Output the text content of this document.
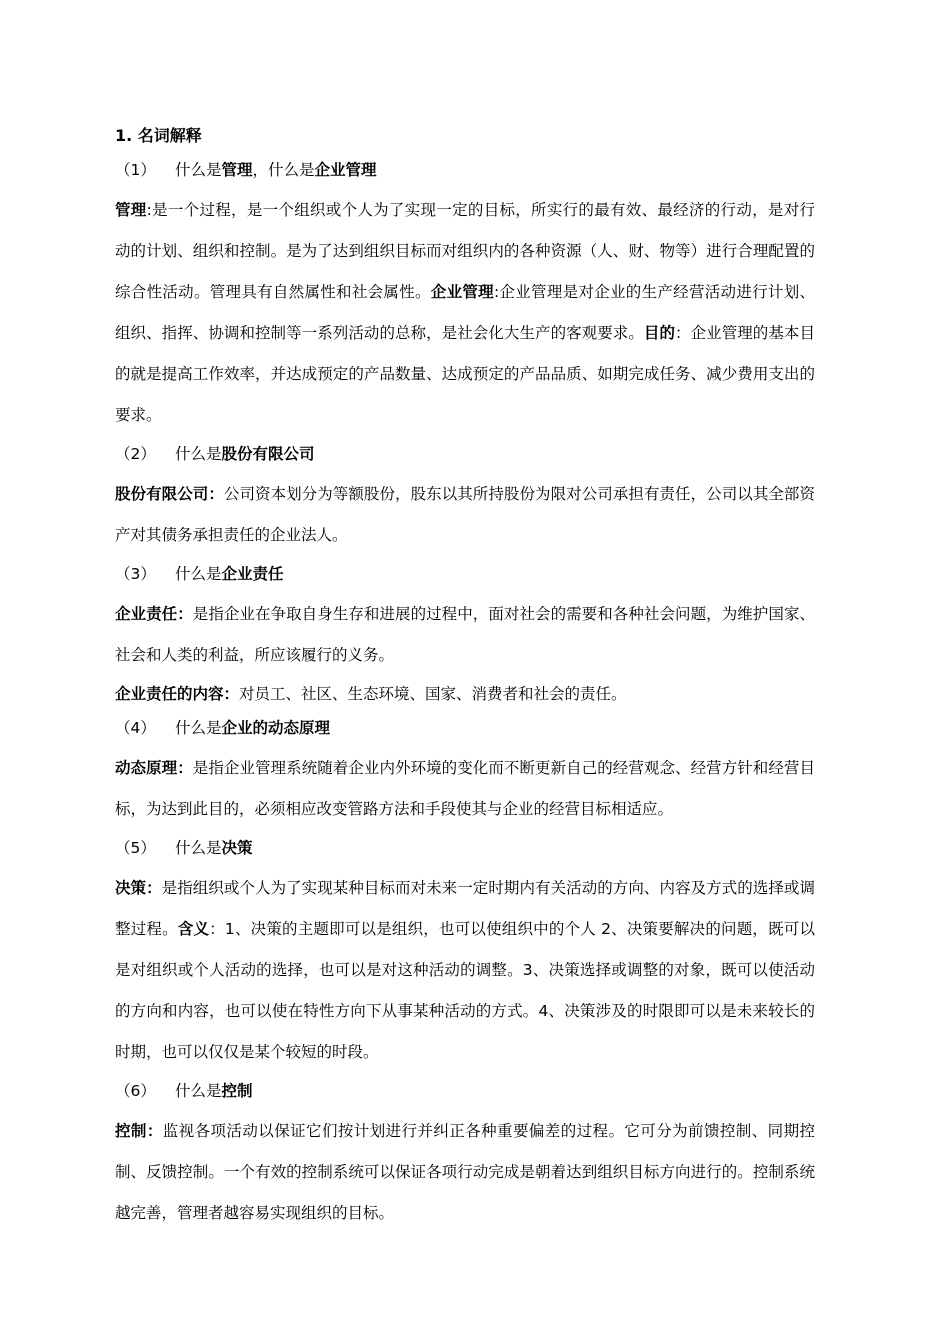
1. 名词解释
（1） 什么是管理，什么是企业管理

管理:是一个过程，是一个组织或个人为了实现一定的目标，所实行的最有效、最经济的行动，是对行动的计划、组织和控制。是为了达到组织目标而对组织内的各种资源（人、财、物等）进行合理配置的综合性活动。管理具有自然属性和社会属性。企业管理:企业管理是对企业的生产经营活动进行计划、组织、指挥、协调和控制等一系列活动的总称，是社会化大生产的客观要求。目的：企业管理的基本目的就是提高工作效率，并达成预定的产品数量、达成预定的产品品质、如期完成任务、减少费用支出的要求。

（2） 什么是股份有限公司

股份有限公司：公司资本划分为等额股份，股东以其所持股份为限对公司承担有责任，公司以其全部资产对其债务承担责任的企业法人。

（3） 什么是企业责任

企业责任：是指企业在争取自身生存和进展的过程中，面对社会的需要和各种社会问题，为维护国家、社会和人类的利益，所应该履行的义务。

企业责任的内容：对员工、社区、生态环境、国家、消费者和社会的责任。

（4） 什么是企业的动态原理

动态原理：是指企业管理系统随着企业内外环境的变化而不断更新自己的经营观念、经营方针和经营目标，为达到此目的，必须相应改变管路方法和手段使其与企业的经营目标相适应。

（5） 什么是决策

决策：是指组织或个人为了实现某种目标而对未来一定时期内有关活动的方向、内容及方式的选择或调整过程。含义：1、决策的主题即可以是组织，也可以使组织中的个人 2、决策要解决的问题，既可以是对组织或个人活动的选择，也可以是对这种活动的调整。3、决策选择或调整的对象，既可以使活动的方向和内容，也可以使在特性方向下从事某种活动的方式。4、决策涉及的时限即可以是未来较长的时期，也可以仅仅是某个较短的时段。

（6） 什么是控制

控制：监视各项活动以保证它们按计划进行并纠正各种重要偏差的过程。它可分为前馈控制、同期控制、反馈控制。一个有效的控制系统可以保证各项行动完成是朝着达到组织目标方向进行的。控制系统越完善，管理者越容易实现组织的目标。
